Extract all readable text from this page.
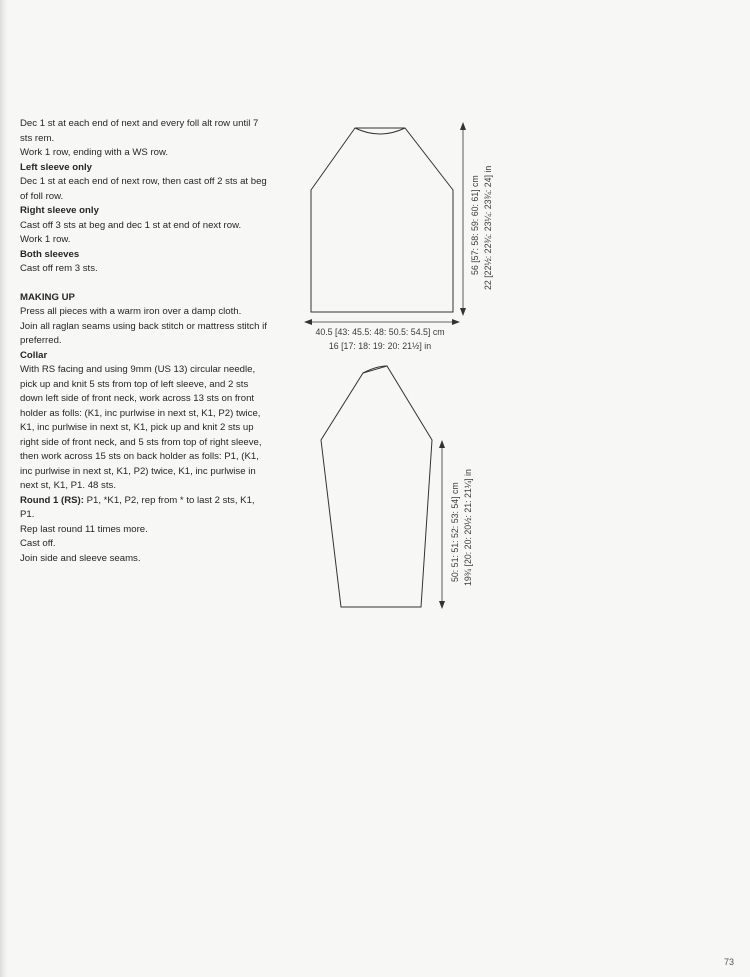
Dec 1 st at each end of next and every foll alt row until 7 sts rem.

Work 1 row, ending with a WS row.

Left sleeve only

Dec 1 st at each end of next row, then cast off 2 sts at beg of foll row.

Right sleeve only

Cast off 3 sts at beg and dec 1 st at end of next row.

Work 1 row.

Both sleeves

Cast off rem 3 sts.

MAKING UP

Press all pieces with a warm iron over a damp cloth.

Join all raglan seams using back stitch or mattress stitch if preferred.

Collar

With RS facing and using 9mm (US 13) circular needle, pick up and knit 5 sts from top of left sleeve, and 2 sts down left side of front neck, work across 13 sts on front holder as folls: (K1, inc purlwise in next st, K1, P2) twice, K1, inc purlwise in next st, K1, pick up and knit 2 sts up right side of front neck, and 5 sts from top of right sleeve, then work across 15 sts on back holder as folls: P1, (K1, inc purlwise in next st, K1, P2) twice, K1, inc purlwise in next st, K1, P1. 48 sts.

Round 1 (RS): P1, *K1, P2, rep from * to last 2 sts, K1, P1.

Rep last round 11 times more.

Cast off.

Join side and sleeve seams.

56 [57: 58: 59: 60: 61] cm 22 [22½: 22¾: 23¼: 23¾: 24] in
40.5 [43: 45.5: 48: 50.5: 54.5] cm
16 [17: 18: 19: 20: 21½] in
50: 51: 51: 52: 53: 54] cm 19¾ [20: 20: 20½: 21: 21¼] in
73
